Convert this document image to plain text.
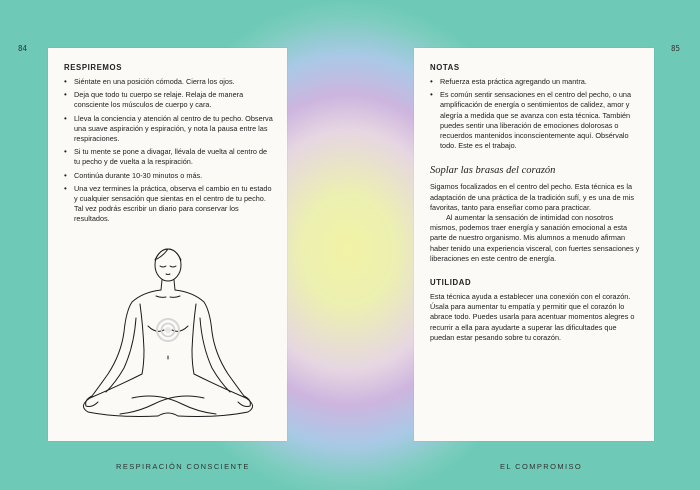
84	85
RESPIREMOS
• Siéntate en una posición cómoda. Cierra los ojos.
• Deja que todo tu cuerpo se relaje. Relaja de manera consciente los músculos de cuerpo y cara.
• Lleva la conciencia y atención al centro de tu pecho. Observa una suave aspiración y espiración, y nota la pausa entre las respiraciones.
• Si tu mente se pone a divagar, llévala de vuelta al centro de tu pecho y de vuelta a la respiración.
• Continúa durante 10-30 minutos o más.
• Una vez termines la práctica, observa el cambio en tu estado y cualquier sensación que sientas en el centro de tu pecho. Tal vez podrás escribir un diario para conservar los resultados.
NOTAS
• Refuerza esta práctica agregando un mantra.
• Es común sentir sensaciones en el centro del pecho, o una amplificación de energía o sentimientos de calidez, amor y alegría a medida que se avanza con esta técnica. También puedes sentir una liberación de emociones dolorosas o recuerdos mantenidos inconscientemente aquí. Obsérvalo todo. Este es el trabajo.
Soplar las brasas del corazón

Sigamos focalizados en el centro del pecho. Esta técnica es la adaptación de una práctica de la tradición sufí, y es una de mis favoritas, tanto para enseñar como para practicar.

Al aumentar la sensación de intimidad con nosotros mismos, podemos traer energía y sanación emocional a esta parte de nuestro organismo. Mis alumnos a menudo afirman haber tenido una experiencia visceral, con fuertes sensaciones y liberaciones en este centro de energía.

UTILIDAD

Esta técnica ayuda a establecer una conexión con el corazón. Úsala para aumentar tu empatía y permitir que el corazón lo abrace todo. Puedes usarla para acentuar momentos alegres o recurrir a ella para ayudarte a superar las dificultades que puedan estar pesando sobre tu corazón.

RESPIRACIÓN CONSCIENTE	EL COMPROMISO
